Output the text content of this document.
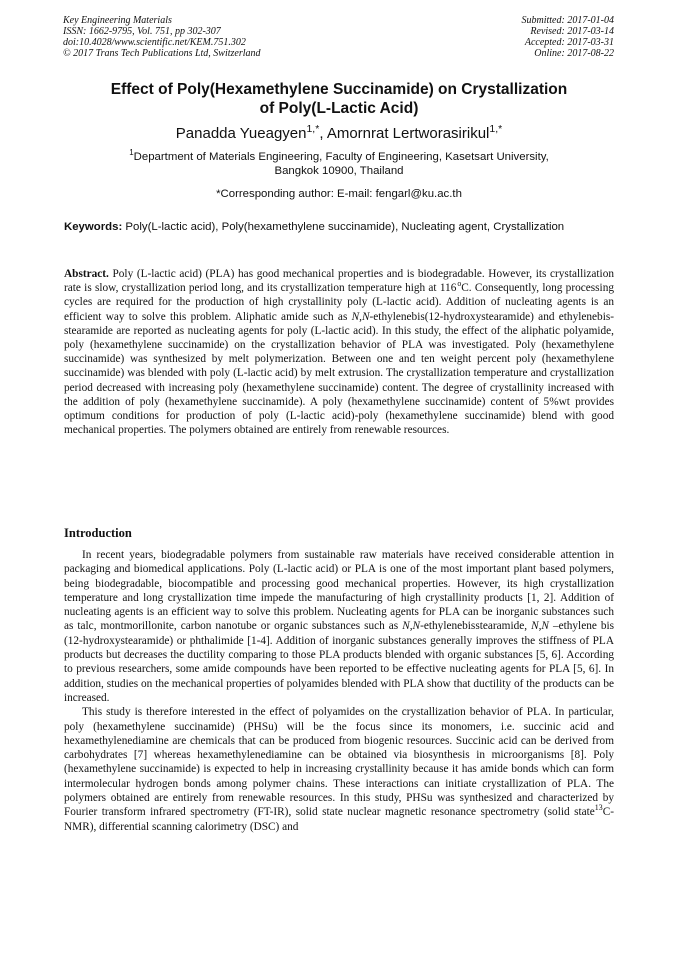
Key Engineering Materials
ISSN: 1662-9795, Vol. 751, pp 302-307
doi:10.4028/www.scientific.net/KEM.751.302
© 2017 Trans Tech Publications Ltd, Switzerland
Submitted: 2017-01-04
Revised: 2017-03-14
Accepted: 2017-03-31
Online: 2017-08-22
Effect of Poly(Hexamethylene Succinamide) on Crystallization
of Poly(L-Lactic Acid)
Panadda Yueagyen$^{1,*}$, Amornrat Lertworasirikul$^{1,*}$
$^1$Department of Materials Engineering, Faculty of Engineering, Kasetsart University,
Bangkok 10900, Thailand
*Corresponding author: E-mail: fengarl@ku.ac.th
Keywords: Poly(L-lactic acid), Poly(hexamethylene succinamide), Nucleating agent, Crystallization

Abstract. Poly (L-lactic acid) (PLA) has good mechanical properties and is biodegradable. However, its crystallization rate is slow, crystallization period long, and its crystallization temperature high at 116 $^o$C. Consequently, long processing cycles are required for the production of high crystallinity poly (L-lactic acid). Addition of nucleating agents is an efficient way to solve this problem. Aliphatic amide such as N,N-ethylenebis(12-hydroxystearamide) and ethylenebis-stearamide are reported as nucleating agents for poly (L-lactic acid). In this study, the effect of the aliphatic polyamide, poly (hexamethylene succinamide) on the crystallization behavior of PLA was investigated. Poly (hexamethylene succinamide) was synthesized by melt polymerization. Between one and ten weight percent poly (hexamethylene succinamide) was blended with poly (L-lactic acid) by melt extrusion. The crystallization temperature and crystallization period decreased with increasing poly (hexamethylene succinamide) content. The degree of crystallinity increased with the addition of poly (hexamethylene succinamide). A poly (hexamethylene succinamide) content of 5%wt provides optimum conditions for production of poly (L-lactic acid)-poly (hexamethylene succinamide) blend with good mechanical properties. The polymers obtained are entirely from renewable resources.

Introduction

In recent years, biodegradable polymers from sustainable raw materials have received considerable attention in packaging and biomedical applications. Poly (L-lactic acid) or PLA is one of the most important plant based polymers, being biodegradable, biocompatible and processing good mechanical properties. However, its high crystallization temperature and long crystallization time impede the manufacturing of high crystallinity products [1, 2]. Addition of nucleating agents is an efficient way to solve this problem. Nucleating agents for PLA can be inorganic substances such as talc, montmorillonite, carbon nanotube or organic substances such as N,N-ethylenebisstearamide, N,N –ethylene bis (12-hydroxystearamide) or phthalimide [1-4]. Addition of inorganic substances generally improves the stiffness of PLA products but decreases the ductility comparing to those PLA products blended with organic substances [5, 6]. According to previous researchers, some amide compounds have been reported to be effective nucleating agents for PLA [5, 6]. In addition, studies on the mechanical properties of polyamides blended with PLA show that ductility of the products can be increased.

This study is therefore interested in the effect of polyamides on the crystallization behavior of PLA. In particular, poly (hexamethylene succinamide) (PHSu) will be the focus since its monomers, i.e. succinic acid and hexamethylenediamine are chemicals that can be produced from biogenic resources. Succinic acid can be derived from carbohydrates [7] whereas hexamethylenediamine can be obtained via biosynthesis in microorganisms [8]. Poly (hexamethylene succinamide) is expected to help in increasing crystallinity because it has amide bonds which can form intermolecular hydrogen bonds among polymer chains. These interactions can initiate crystallization of PLA. The polymers obtained are entirely from renewable resources. In this study, PHSu was synthesized and characterized by Fourier transform infrared spectrometry (FT-IR), solid state nuclear magnetic resonance spectrometry (solid state$^{13}$C-NMR), differential scanning calorimetry (DSC) and
